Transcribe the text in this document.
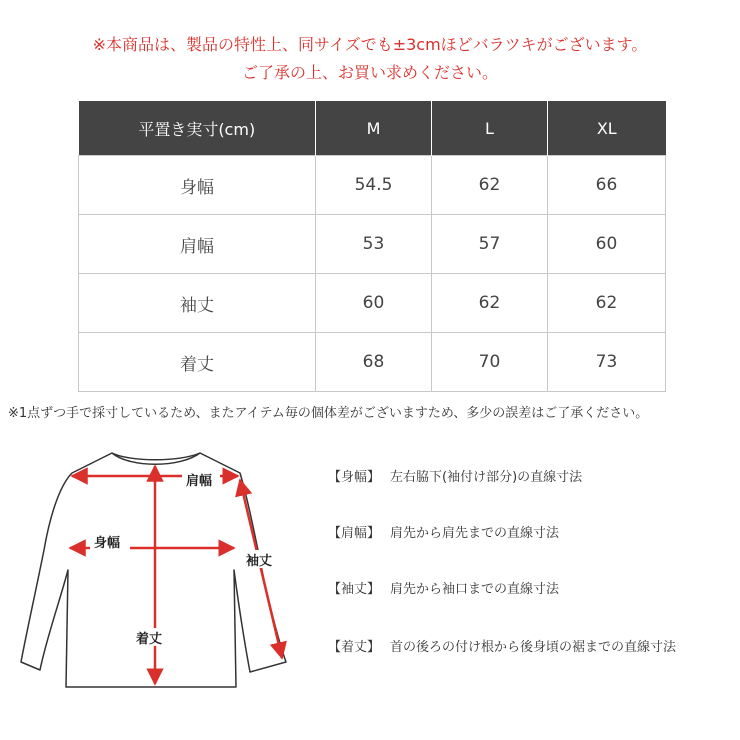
※本商品は、製品の特性上、同サイズでも±3cmほどバラツキがございます。
ご了承の上、お買い求めください。
平置き実寸(cm)	M	L	XL
身幅	54.5	62	66
肩幅	53	57	60
袖丈	60	62	62
着丈	68	70	73
※1点ずつ手で採寸しているため、またアイテム毎の個体差がございますため、多少の誤差はご了承ください。
肩幅
身幅
袖丈
着丈
【身幅】 左右脇下(袖付け部分)の直線寸法
【肩幅】 肩先から肩先までの直線寸法
【袖丈】 肩先から袖口までの直線寸法
【着丈】 首の後ろの付け根から後身頃の裾までの直線寸法
